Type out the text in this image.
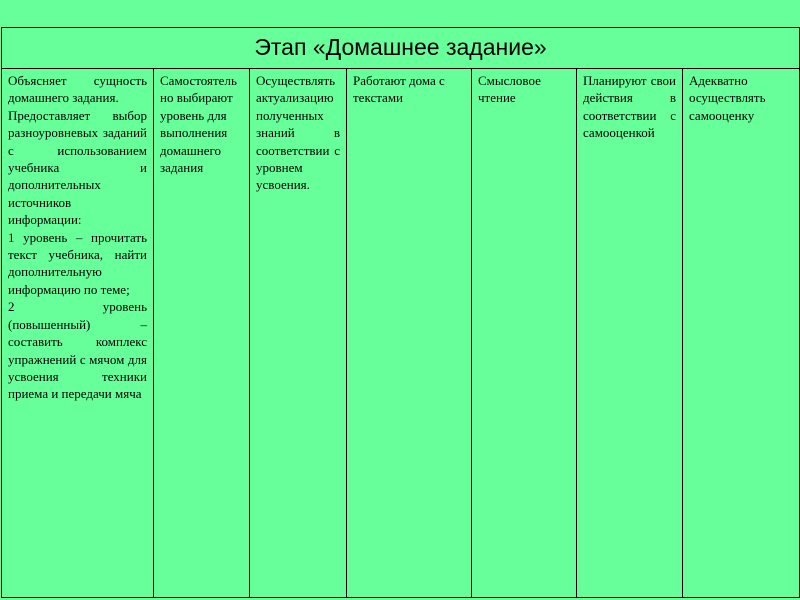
Этап «Домашнее задание»

Объясняет сущность домашнего задания.
Предоставляет выбор разноуровневых заданий с использованием учебника и дополнительных источников информации:
1 уровень – прочитать текст учебника, найти дополнительную информацию по теме;
2 уровень (повышенный) – составить комплекс упражнений с мячом для усвоения техники приема и передачи мяча

Самостоятельно выбирают уровень для выполнения домашнего задания

Осуществлять актуализацию полученных знаний в соответствии с уровнем усвоения.

Работают дома с текстами

Смысловое чтение

Планируют свои действия в соответствии с самооценкой

Адекватно осуществлять самооценку
